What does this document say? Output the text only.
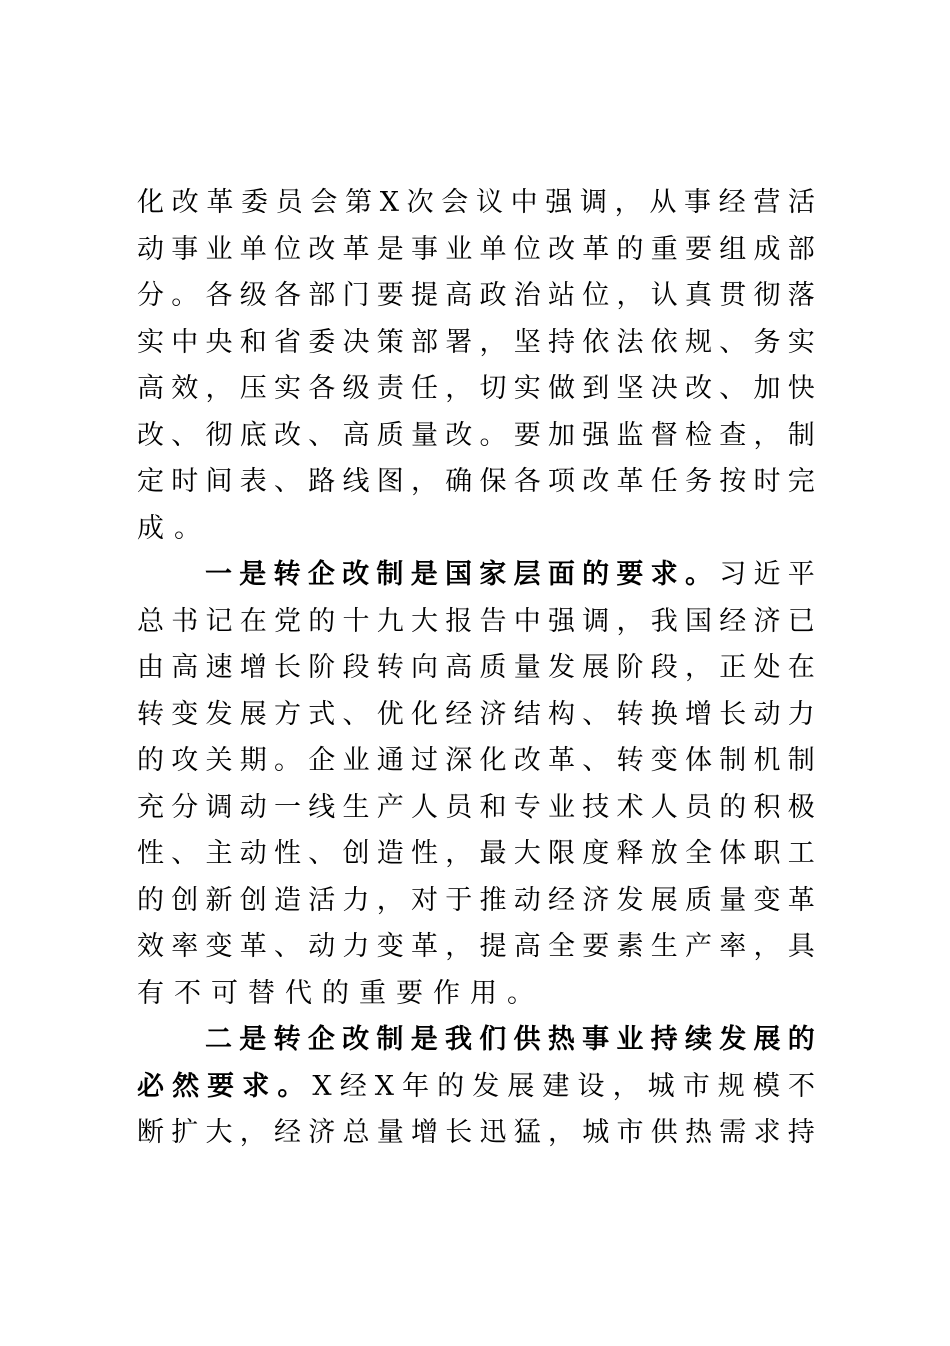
化 改 革 委 员 会 第 X 次 会 议 中 强 调 ， 从 事 经 营 活
动 事 业 单 位 改 革 是 事 业 单 位 改 革 的 重 要 组 成 部
分 。 各 级 各 部 门 要 提 高 政 治 站 位 ， 认 真 贯 彻 落
实 中 央 和 省 委 决 策 部 署 ， 坚 持 依 法 依 规 、 务 实
高 效 ， 压 实 各 级 责 任 ， 切 实 做 到 坚 决 改 、 加 快
改 、 彻 底 改 、 高 质 量 改 。 要 加 强 监 督 检 查 ， 制
定 时 间 表 、 路 线 图 ， 确 保 各 项 改 革 任 务 按 时 完
成 。
一 是 转 企 改 制 是 国 家 层 面 的 要 求 。 习 近 平
总 书 记 在 党 的 十 九 大 报 告 中 强 调 ， 我 国 经 济 已
由 高 速 增 长 阶 段 转 向 高 质 量 发 展 阶 段 ， 正 处 在
转 变 发 展 方 式 、 优 化 经 济 结 构 、 转 换 增 长 动 力
的 攻 关 期 。 企 业 通 过 深 化 改 革 、 转 变 体 制 机 制
充 分 调 动 一 线 生 产 人 员 和 专 业 技 术 人 员 的 积 极
性 、 主 动 性 、 创 造 性 ， 最 大 限 度 释 放 全 体 职 工
的 创 新 创 造 活 力 ， 对 于 推 动 经 济 发 展 质 量 变 革
效 率 变 革 、 动 力 变 革 ， 提 高 全 要 素 生 产 率 ， 具
有 不 可 替 代 的 重 要 作 用 。
二 是 转 企 改 制 是 我 们 供 热 事 业 持 续 发 展 的
必 然 要 求 。 X 经 X 年 的 发 展 建 设 ， 城 市 规 模 不
断 扩 大 ， 经 济 总 量 增 长 迅 猛 ， 城 市 供 热 需 求 持
